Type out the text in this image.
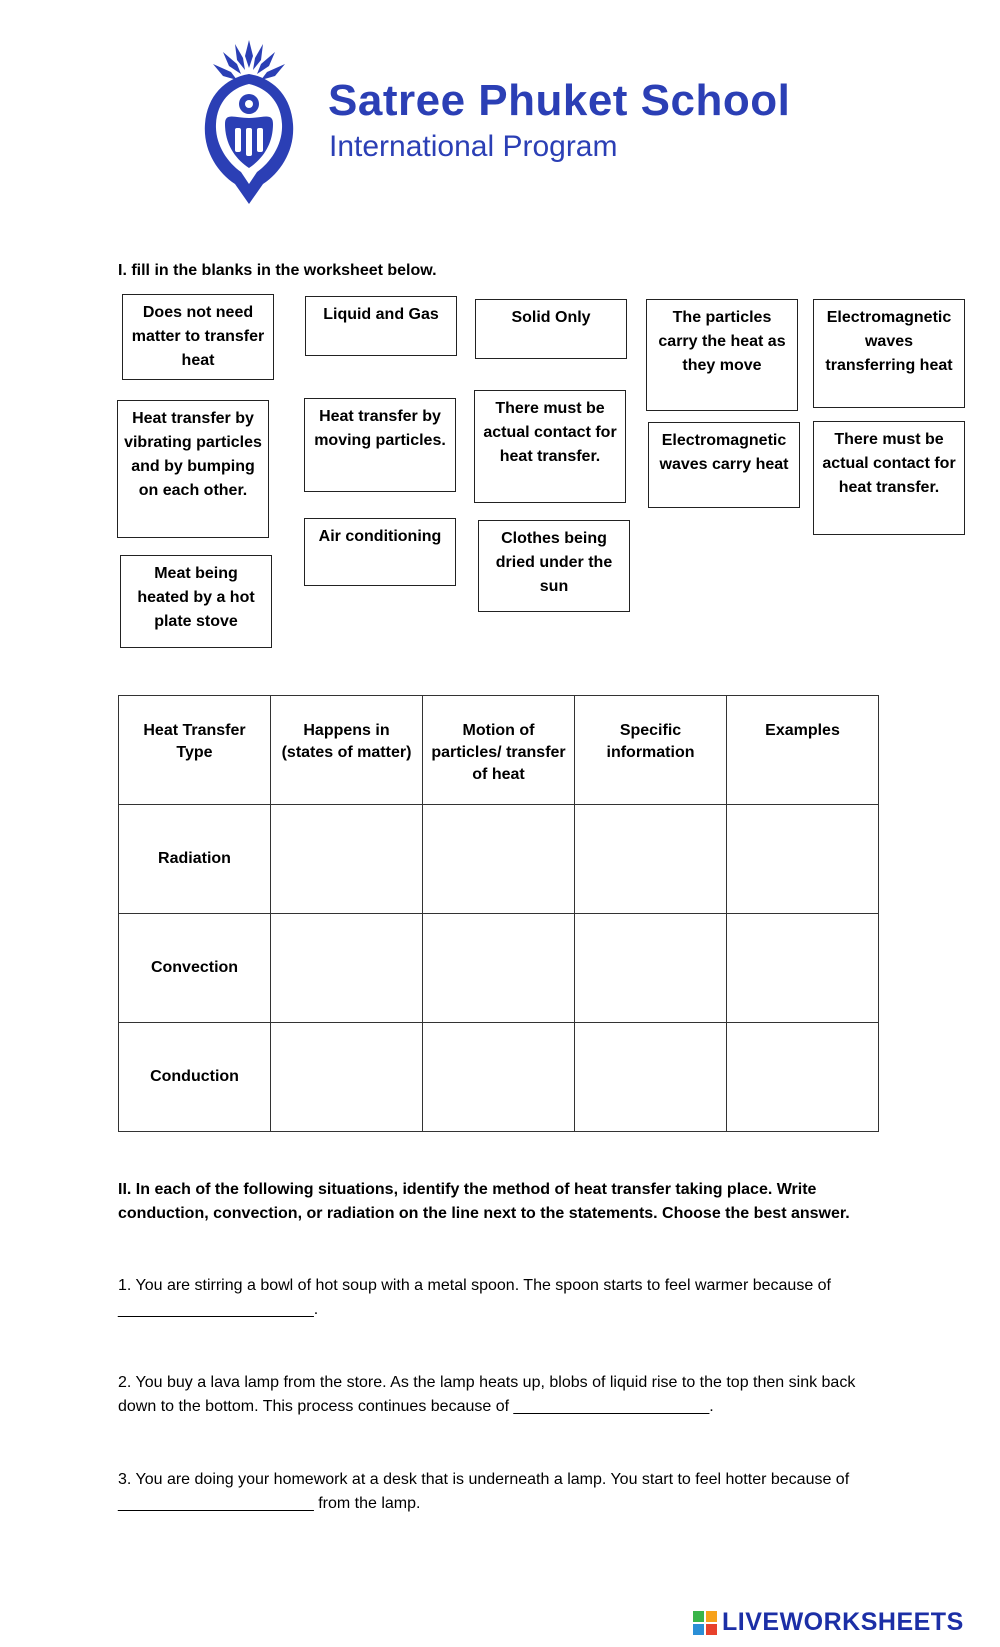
Satree Phuket School
International Program
I. fill in the blanks in the worksheet below.
Does not need matter to transfer heat
Liquid and Gas	Solid Only	The particles carry the heat as they move
Electromagnetic waves transferring heat
Heat transfer by vibrating particles and by bumping on each other.
Heat transfer by moving particles.
There must be actual contact for heat transfer.
Electromagnetic waves carry heat
There must be actual contact for heat transfer.
Air conditioning	Clothes being dried under the sun
Meat being heated by a hot plate stove
Heat Transfer Type	Happens in (states of matter)	Motion of particles/ transfer of heat	Specific information	Examples
Radiation				
Convection				
Conduction				
II. In each of the following situations, identify the method of heat transfer taking place. Write conduction, convection, or radiation on the line next to the statements. Choose the best answer.
1. You are stirring a bowl of hot soup with a metal spoon. The spoon starts to feel warmer because of ______________________.
2. You buy a lava lamp from the store. As the lamp heats up, blobs of liquid rise to the top then sink back down to the bottom. This process continues because of ______________________.
3. You are doing your homework at a desk that is underneath a lamp. You start to feel hotter because of ______________________ from the lamp.
LIVEWORKSHEETS
